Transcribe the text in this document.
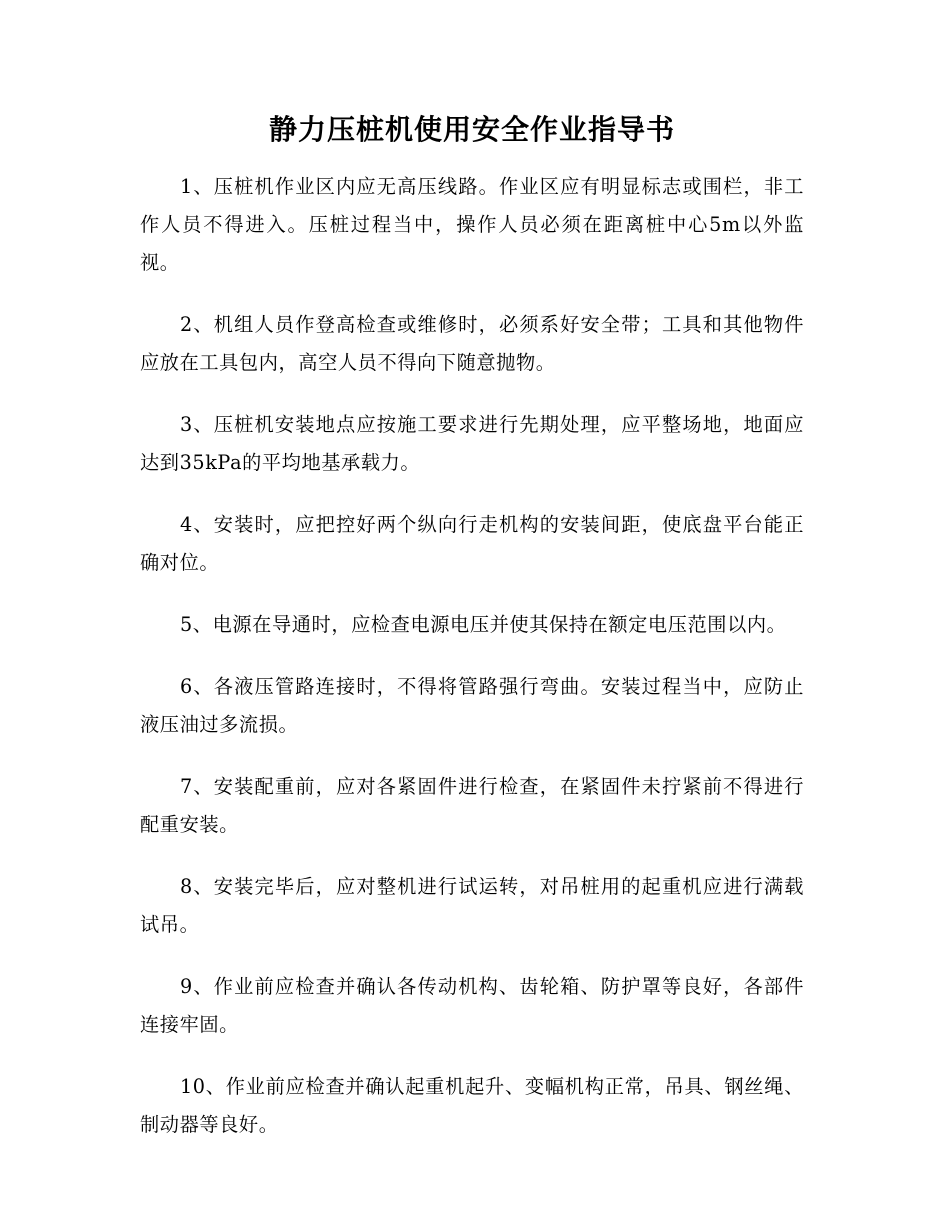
静力压桩机使用安全作业指导书

1、压桩机作业区内应无高压线路。作业区应有明显标志或围栏，非工作人员不得进入。压桩过程当中，操作人员必须在距离桩中心5m以外监视。

2、机组人员作登高检查或维修时，必须系好安全带；工具和其他物件应放在工具包内，高空人员不得向下随意抛物。

3、压桩机安装地点应按施工要求进行先期处理，应平整场地，地面应达到35kPa的平均地基承载力。

4、安装时，应把控好两个纵向行走机构的安装间距，使底盘平台能正确对位。

5、电源在导通时，应检查电源电压并使其保持在额定电压范围以内。

6、各液压管路连接时，不得将管路强行弯曲。安装过程当中，应防止液压油过多流损。

7、安装配重前，应对各紧固件进行检查，在紧固件未拧紧前不得进行配重安装。

8、安装完毕后，应对整机进行试运转，对吊桩用的起重机应进行满载试吊。

9、作业前应检查并确认各传动机构、齿轮箱、防护罩等良好，各部件连接牢固。

10、作业前应检查并确认起重机起升、变幅机构正常，吊具、钢丝绳、制动器等良好。
